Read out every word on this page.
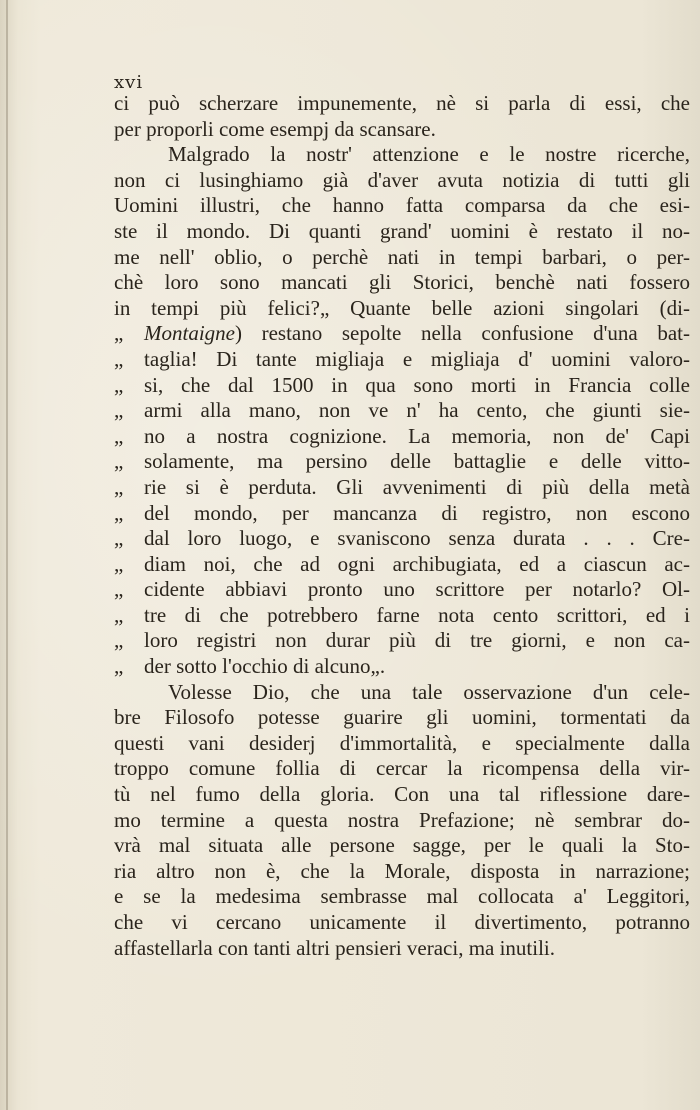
xvi
ci può scherzare impunemente, nè si parla di essi, che
per proporli come esempj da scansare.
Malgrado la nostr' attenzione e le nostre ricerche,
non ci lusinghiamo già d'aver avuta notizia di tutti gli
Uomini illustri, che hanno fatta comparsa da che esi-
ste il mondo. Di quanti grand' uomini è restato il no-
me nell' oblio, o perchè nati in tempi barbari, o per-
chè loro sono mancati gli Storici, benchè nati fossero
in tempi più felici?„ Quante belle azioni singolari (di-
„ Montaigne) restano sepolte nella confusione d'una bat-
„ taglia! Di tante migliaja e migliaja d' uomini valoro-
„ si, che dal 1500 in qua sono morti in Francia colle
„ armi alla mano, non ve n' ha cento, che giunti sie-
„ no a nostra cognizione. La memoria, non de' Capi
„ solamente, ma persino delle battaglie e delle vitto-
„ rie si è perduta. Gli avvenimenti di più della metà
„ del mondo, per mancanza di registro, non escono
„ dal loro luogo, e svaniscono senza durata . . . Cre-
„ diam noi, che ad ogni archibugiata, ed a ciascun ac-
„ cidente abbiavi pronto uno scrittore per notarlo? Ol-
„ tre di che potrebbero farne nota cento scrittori, ed i
„ loro registri non durar più di tre giorni, e non ca-
„ der sotto l'occhio di alcuno„.
Volesse Dio, che una tale osservazione d'un cele-
bre Filosofo potesse guarire gli uomini, tormentati da
questi vani desiderj d'immortalità, e specialmente dalla
troppo comune follia di cercar la ricompensa della vir-
tù nel fumo della gloria. Con una tal riflessione dare-
mo termine a questa nostra Prefazione; nè sembrar do-
vrà mal situata alle persone sagge, per le quali la Sto-
ria altro non è, che la Morale, disposta in narrazione;
e se la medesima sembrasse mal collocata a' Leggitori,
che vi cercano unicamente il divertimento, potranno
affastellarla con tanti altri pensieri veraci, ma inutili.
